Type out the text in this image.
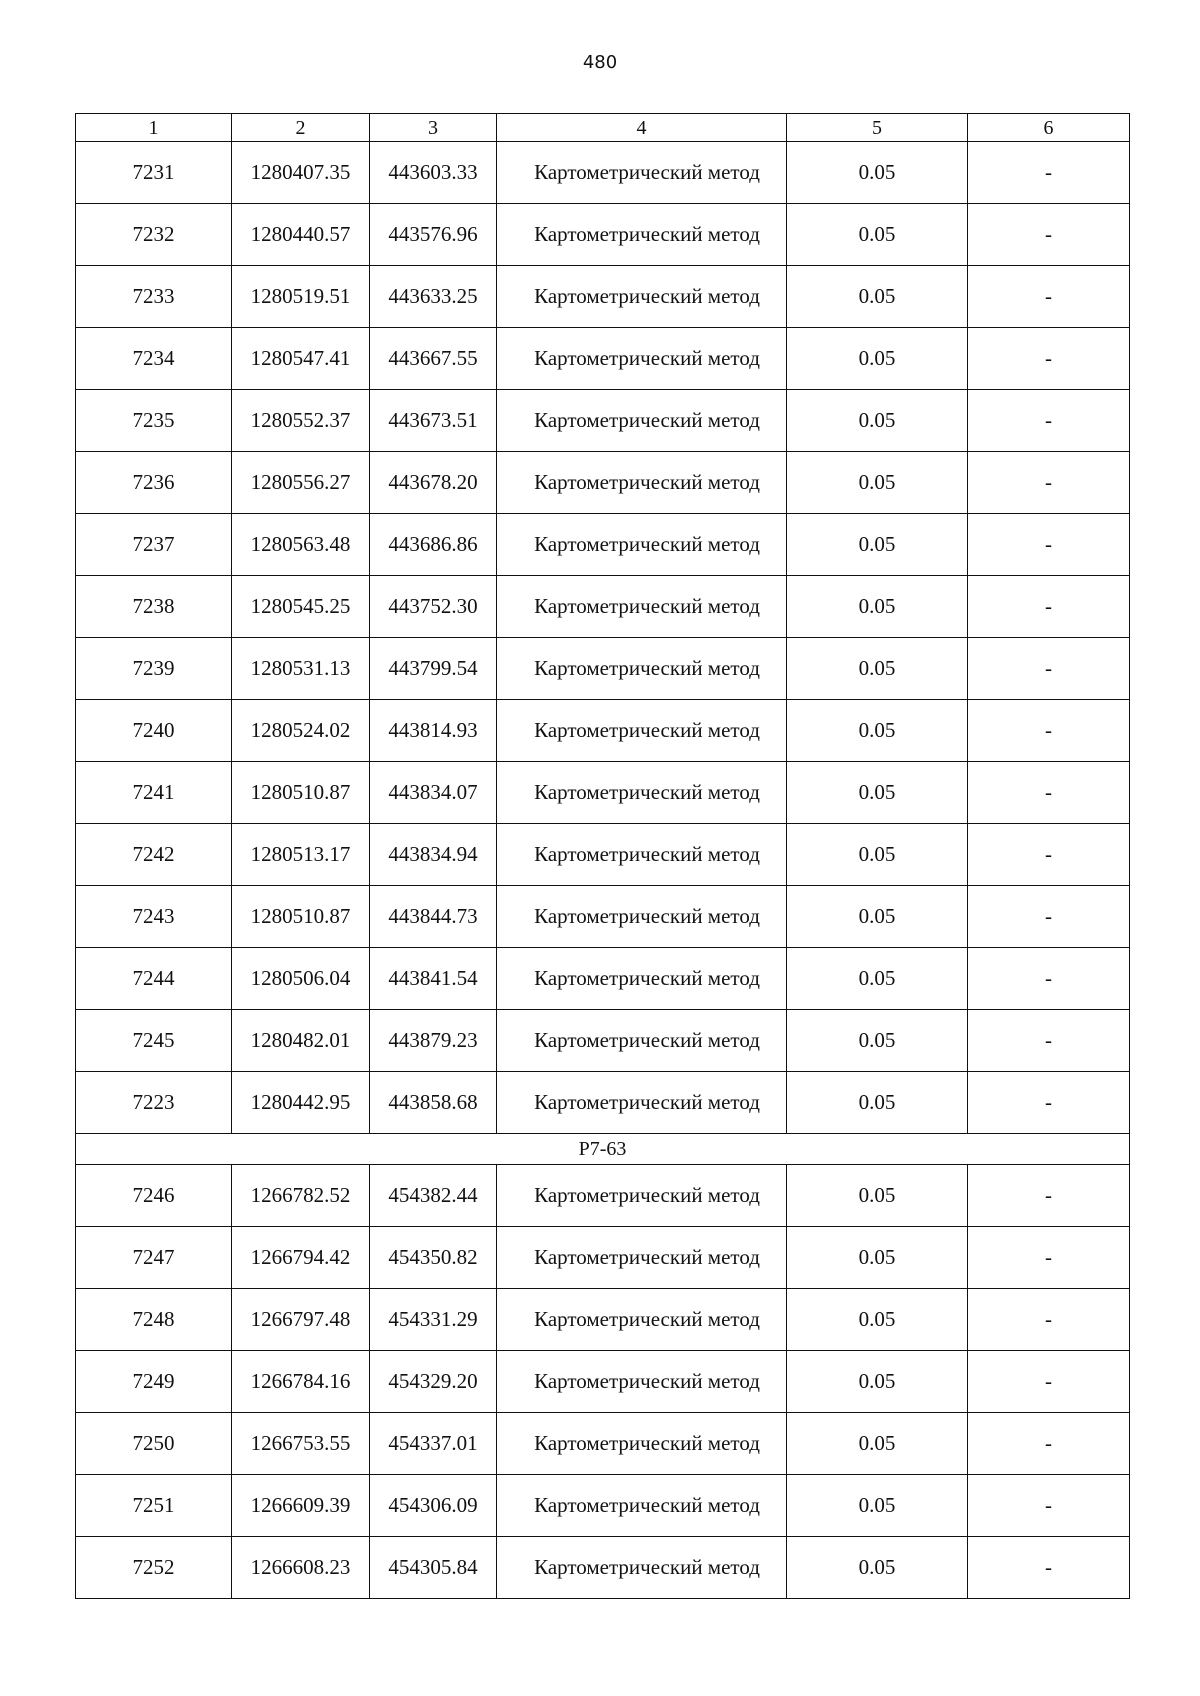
480
1	2	3	4	5	6
7231	1280407.35	443603.33	Картометрический метод	0.05	-
7232	1280440.57	443576.96	Картометрический метод	0.05	-
7233	1280519.51	443633.25	Картометрический метод	0.05	-
7234	1280547.41	443667.55	Картометрический метод	0.05	-
7235	1280552.37	443673.51	Картометрический метод	0.05	-
7236	1280556.27	443678.20	Картометрический метод	0.05	-
7237	1280563.48	443686.86	Картометрический метод	0.05	-
7238	1280545.25	443752.30	Картометрический метод	0.05	-
7239	1280531.13	443799.54	Картометрический метод	0.05	-
7240	1280524.02	443814.93	Картометрический метод	0.05	-
7241	1280510.87	443834.07	Картометрический метод	0.05	-
7242	1280513.17	443834.94	Картометрический метод	0.05	-
7243	1280510.87	443844.73	Картометрический метод	0.05	-
7244	1280506.04	443841.54	Картометрический метод	0.05	-
7245	1280482.01	443879.23	Картометрический метод	0.05	-
7223	1280442.95	443858.68	Картометрический метод	0.05	-
Р7-63					
7246	1266782.52	454382.44	Картометрический метод	0.05	-
7247	1266794.42	454350.82	Картометрический метод	0.05	-
7248	1266797.48	454331.29	Картометрический метод	0.05	-
7249	1266784.16	454329.20	Картометрический метод	0.05	-
7250	1266753.55	454337.01	Картометрический метод	0.05	-
7251	1266609.39	454306.09	Картометрический метод	0.05	-
7252	1266608.23	454305.84	Картометрический метод	0.05	-
